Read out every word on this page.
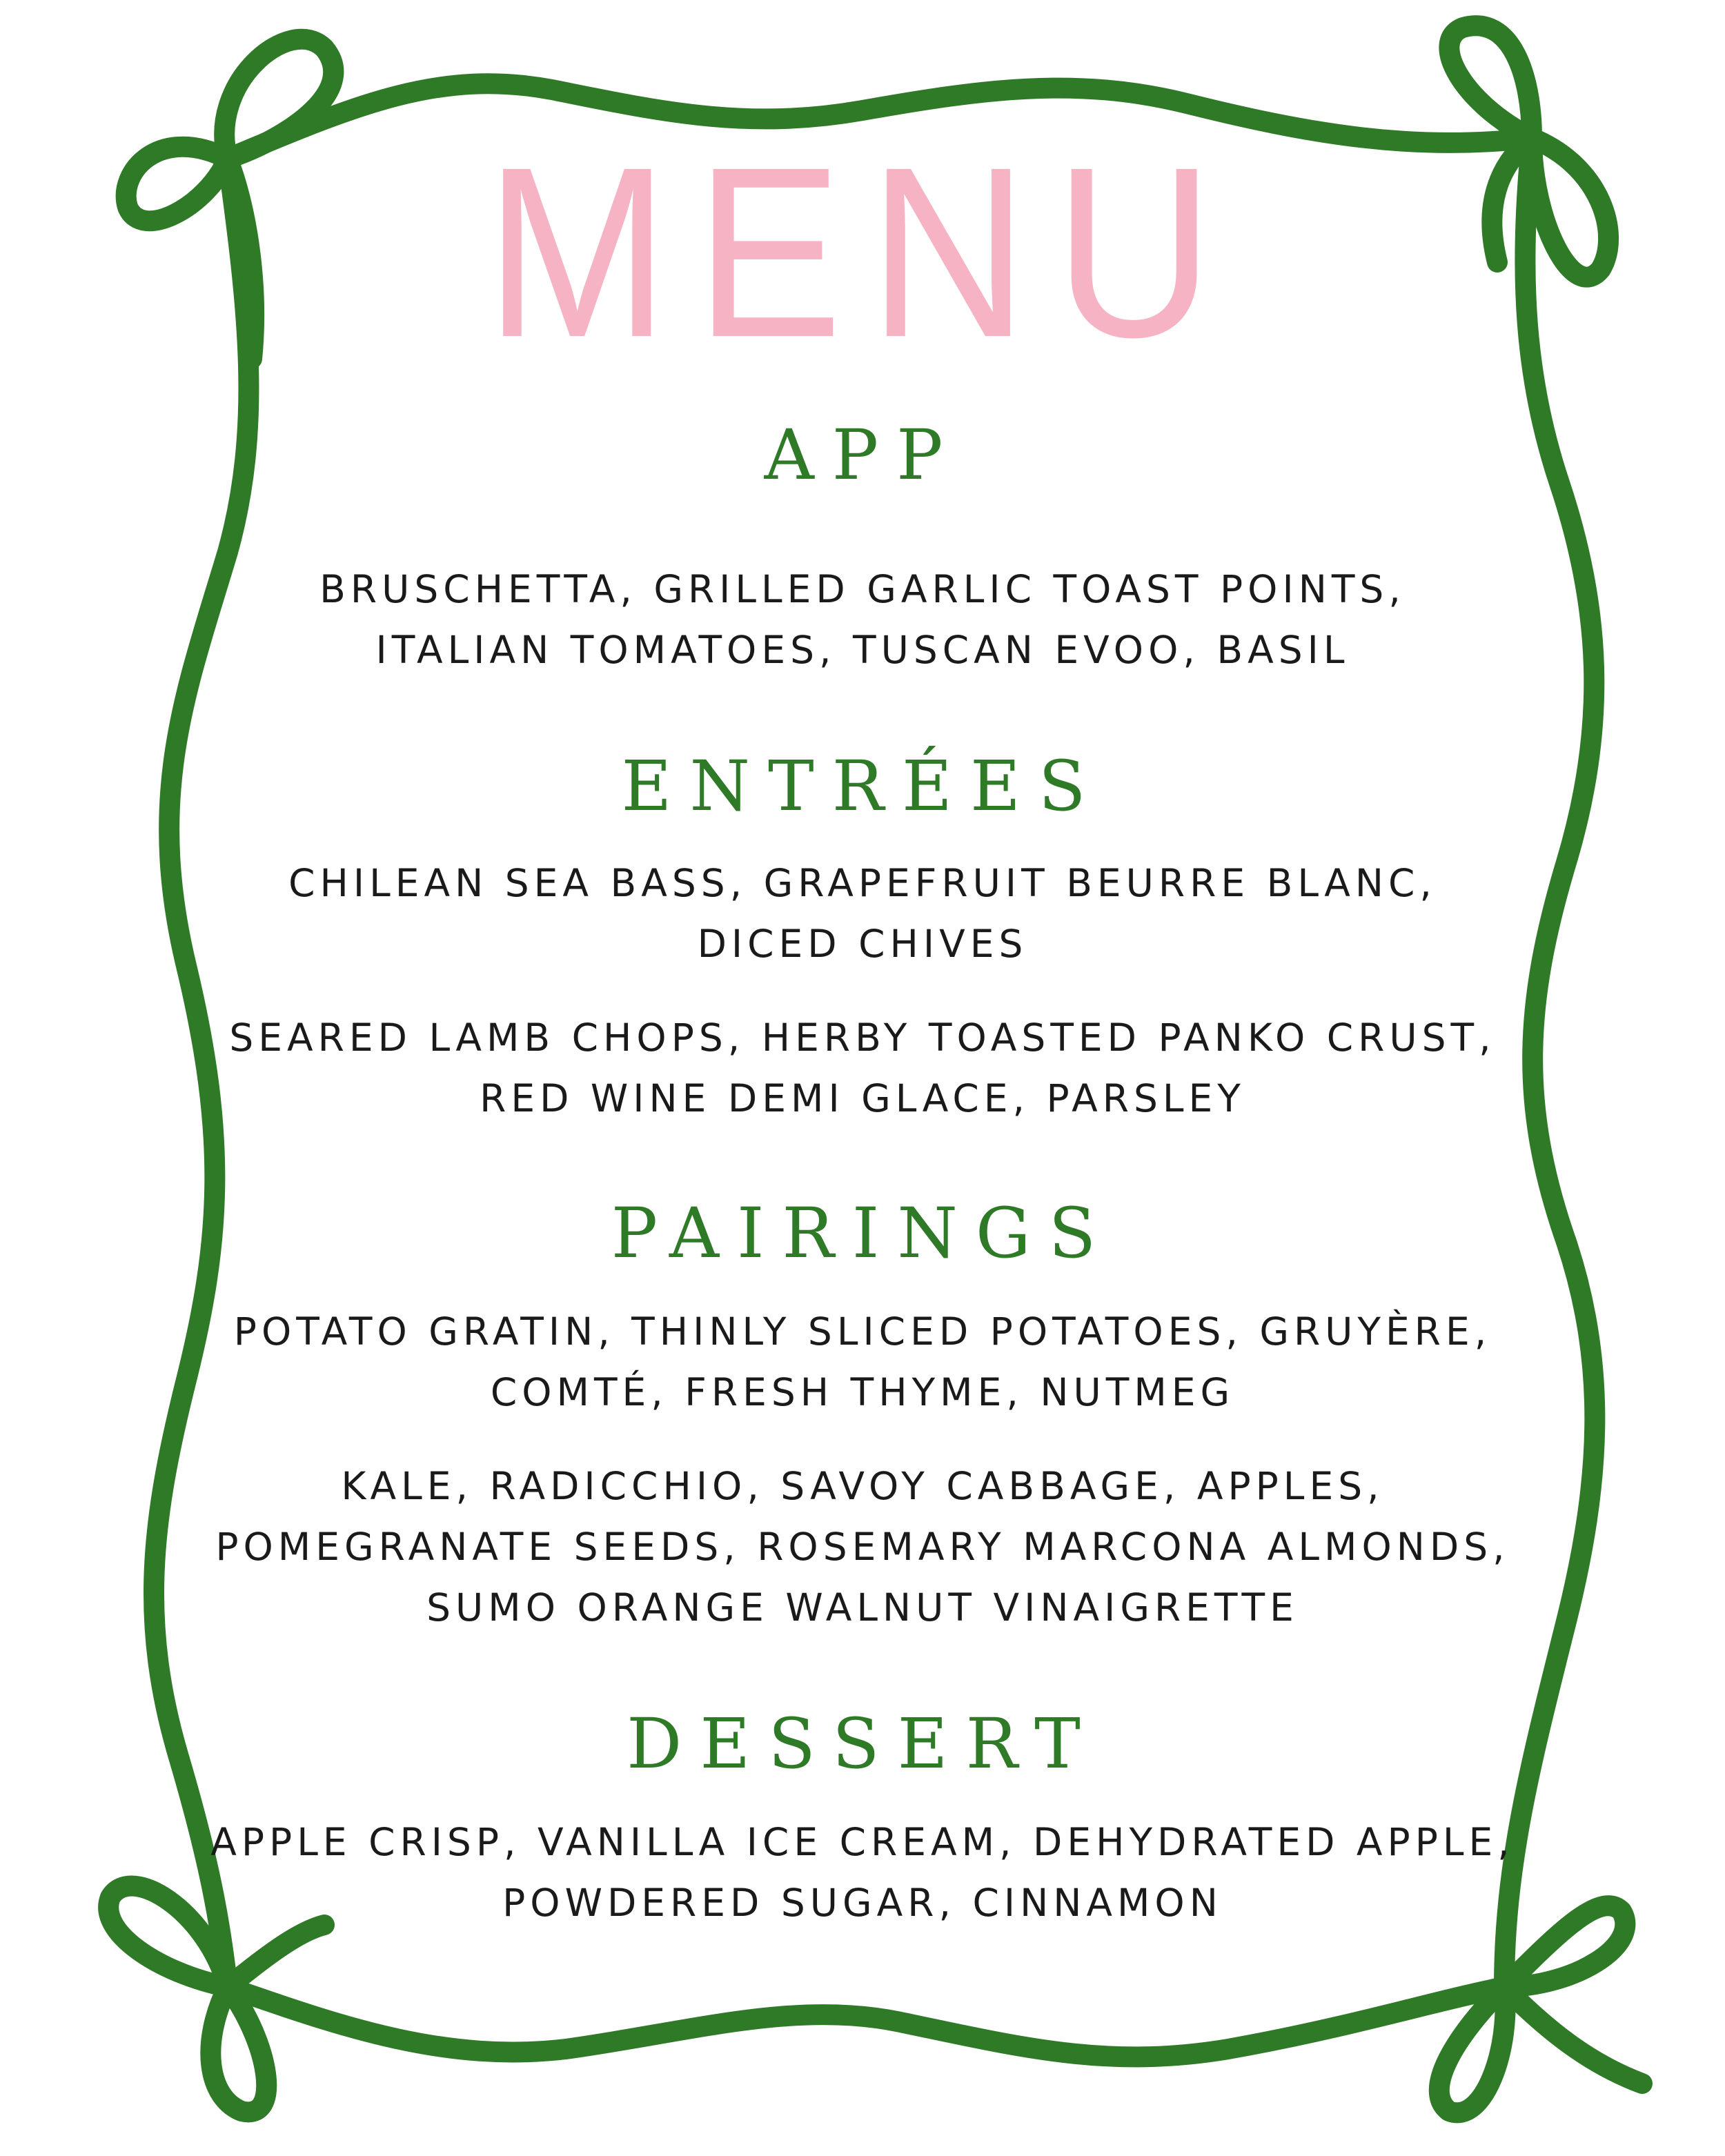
MENU
APP
BRUSCHETTA, GRILLED GARLIC TOAST POINTS,
ITALIAN TOMATOES, TUSCAN EVOO, BASIL
ENTRÉES
CHILEAN SEA BASS, GRAPEFRUIT BEURRE BLANC,
DICED CHIVES
SEARED LAMB CHOPS, HERBY TOASTED PANKO CRUST,
RED WINE DEMI GLACE, PARSLEY
PAIRINGS
POTATO GRATIN, THINLY SLICED POTATOES, GRUYÈRE,
COMTÉ, FRESH THYME, NUTMEG
KALE, RADICCHIO, SAVOY CABBAGE, APPLES,
POMEGRANATE SEEDS, ROSEMARY MARCONA ALMONDS,
SUMO ORANGE WALNUT VINAIGRETTE
DESSERT
APPLE CRISP, VANILLA ICE CREAM, DEHYDRATED APPLE,
POWDERED SUGAR, CINNAMON
